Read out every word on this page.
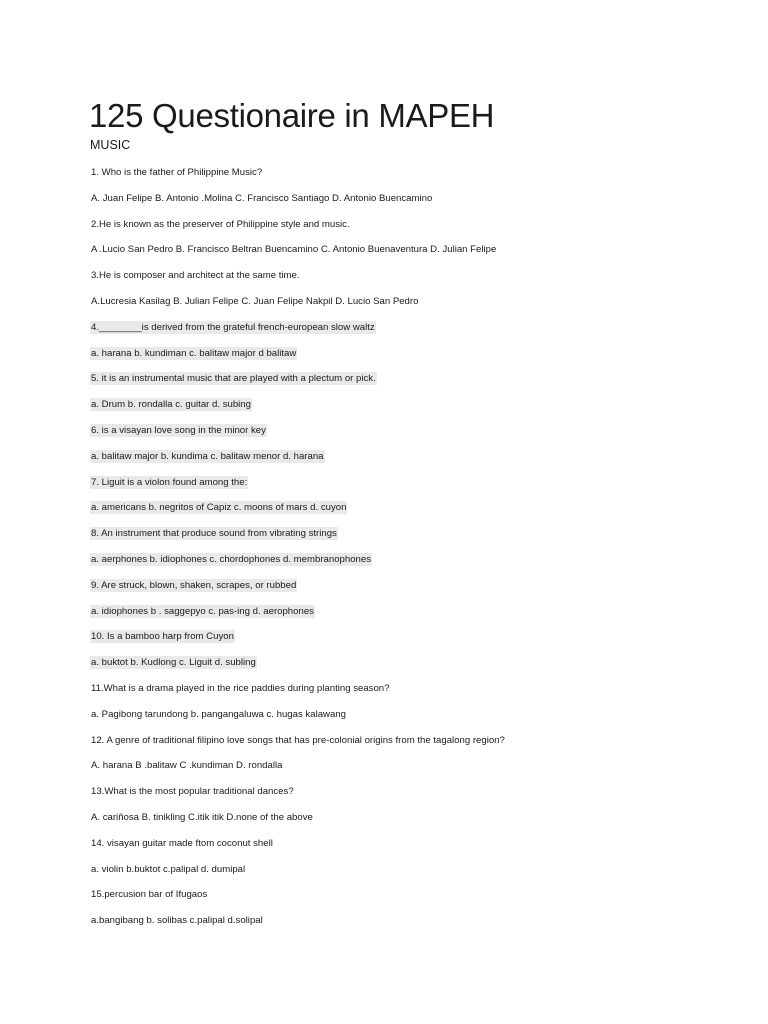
125 Questionaire in MAPEH
MUSIC
1. Who is the father of Philippine Music?
A. Juan Felipe B. Antonio .Molina C. Francisco Santiago D. Antonio Buencamino
2.He is known as the preserver of Philippine style and music.
A .Lucio San Pedro B. Francisco Beltran Buencamino C. Antonio Buenaventura D. Julian Felipe
3.He is composer and architect at the same time.
A.Lucresia Kasilag B. Julian Felipe C. Juan Felipe Nakpil D. Lucio San Pedro
4.________is derived from the grateful french-european slow waltz
a. harana b. kundiman c. balitaw major d balitaw
5. it is an instrumental music that are played with a plectum or pick.
a. Drum b. rondalla c. guitar d. subing
6. is a visayan love song in the minor key
a. balitaw major b. kundima c. balitaw menor d. harana
7. Liguit is a violon found among the:
a. americans b. negritos of Capiz c. moons of mars d. cuyon
8. An instrument that produce sound from vibrating strings
a. aerphones b. idiophones c. chordophones d. membranophones
9. Are struck, blown, shaken, scrapes, or rubbed
a. idiophones b . saggepyo c. pas-ing d. aerophones
10. Is a bamboo harp from Cuyon
a. buktot b. Kudlong c. Liguit d. subling
11.What is a drama played in the rice paddies during planting season?
a. Pagibong tarundong b. pangangaluwa c. hugas kalawang
12. A genre of traditional filipino love songs that has pre-colonial origins from the tagalong region?
A. harana B .balitaw C .kundiman D. rondalla
13.What is the most popular traditional dances?
A. cariñosa B. tinikling C.itik itik D.none of the above
14. visayan guitar made ftom coconut shell
a. violin b.buktot c.palipal d. dumipal
15.percusion bar of Ifugaos
a.bangibang b. solibas c.palipal d.solipal
